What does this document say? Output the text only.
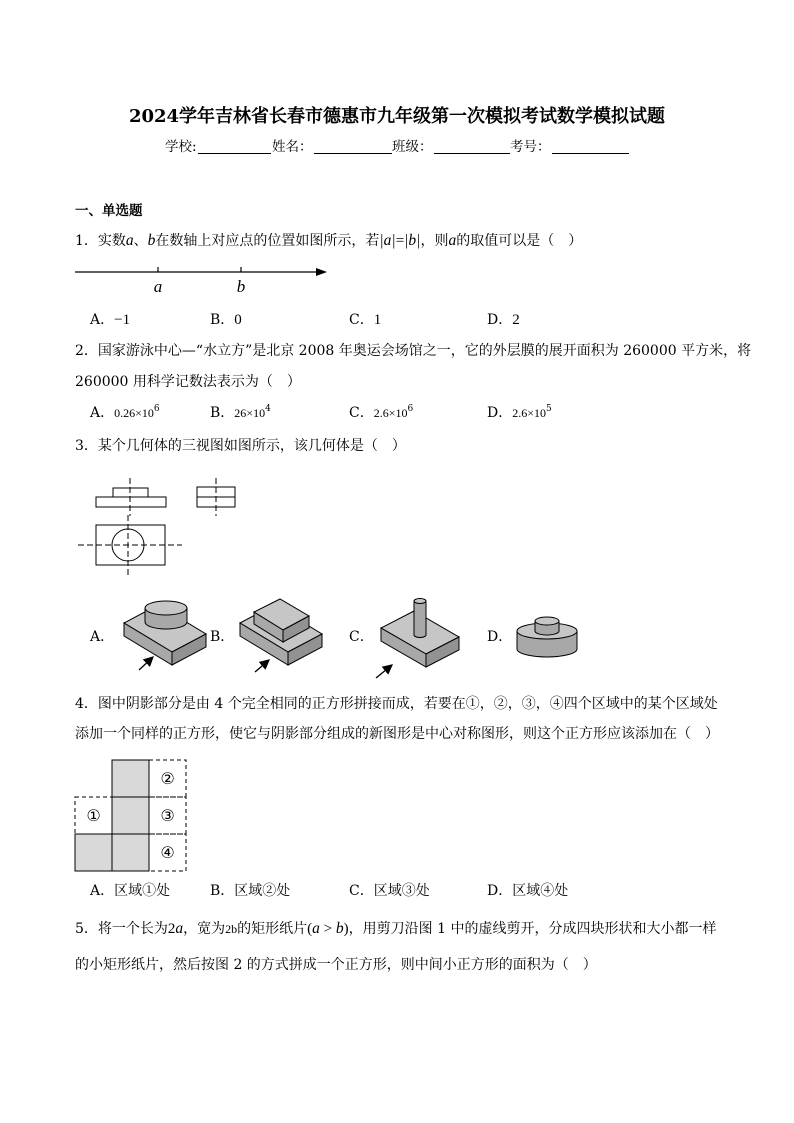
2024学年吉林省长春市德惠市九年级第一次模拟考试数学模拟试题
学校:	姓名：	班级：	考号：
一、单选题
1．实数a、b在数轴上对应点的位置如图所示，若|a|=|b|，则a的取值可以是（　）
a	b
A．−1	B．0	C．1	D．2
2．国家游泳中心—“水立方”是北京 2008 年奥运会场馆之一，它的外层膜的展开面积为 260000 平方米，将
260000 用科学记数法表示为（　）
A．$0.26\times 10^6$	B．$26\times 10^4$	C．$2.6\times 10^6$	D．$2.6\times 10^5$
3．某个几何体的三视图如图所示，该几何体是（　）
A．	B．	C．	D．
4．图中阴影部分是由 4 个完全相同的正方形拼接而成，若要在①，②，③，④四个区域中的某个区域处
添加一个同样的正方形，使它与阴影部分组成的新图形是中心对称图形，则这个正方形应该添加在（　）
①
②
③
④
A．区域①处	B．区域②处	C．区域③处	D．区域④处
5．将一个长为2a，宽为2b的矩形纸片(a > b)，用剪刀沿图 1 中的虚线剪开，分成四块形状和大小都一样
的小矩形纸片，然后按图 2 的方式拼成一个正方形，则中间小正方形的面积为（　）
